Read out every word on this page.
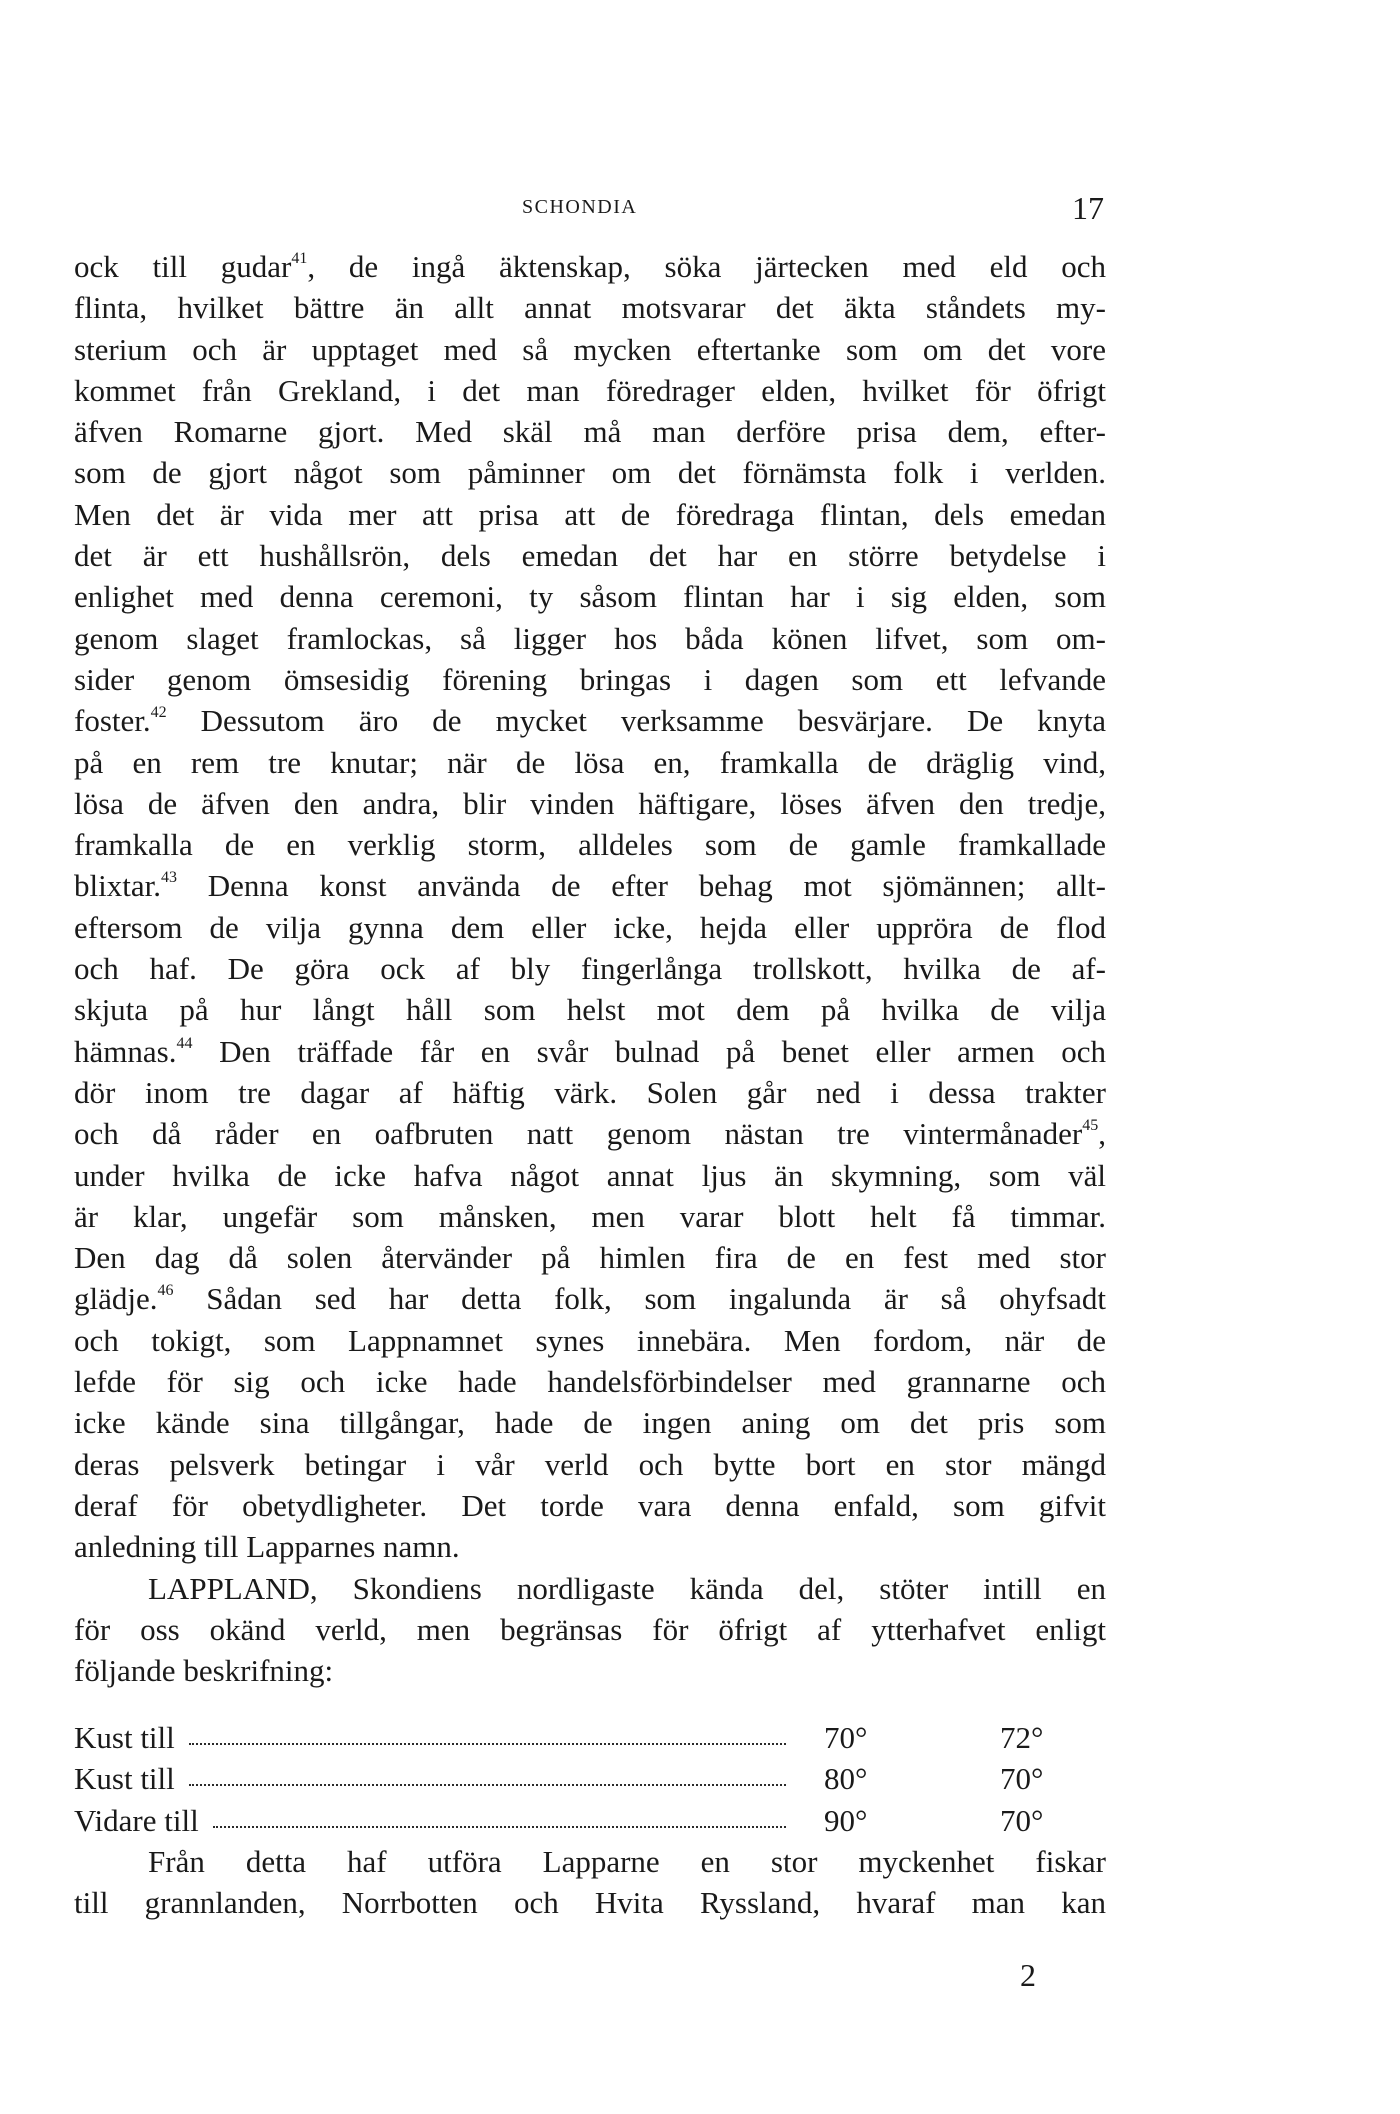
SCHONDIA	17
ock till gudar$^{41}$, de ingå äktenskap, söka järtecken med eld och
flinta, hvilket bättre än allt annat motsvarar det äkta ståndets my-
sterium och är upptaget med så mycken eftertanke som om det vore
kommet från Grekland, i det man föredrager elden, hvilket för öfrigt
äfven Romarne gjort. Med skäl må man derföre prisa dem, efter-
som de gjort något som påminner om det förnämsta folk i verlden.
Men det är vida mer att prisa att de föredraga flintan, dels emedan
det är ett hushållsrön, dels emedan det har en större betydelse i
enlighet med denna ceremoni, ty såsom flintan har i sig elden, som
genom slaget framlockas, så ligger hos båda könen lifvet, som om-
sider genom ömsesidig förening bringas i dagen som ett lefvande
foster.$^{42}$ Dessutom äro de mycket verksamme besvärjare. De knyta
på en rem tre knutar; när de lösa en, framkalla de dräglig vind,
lösa de äfven den andra, blir vinden häftigare, löses äfven den tredje,
framkalla de en verklig storm, alldeles som de gamle framkallade
blixtar.$^{43}$ Denna konst använda de efter behag mot sjömännen; allt-
eftersom de vilja gynna dem eller icke, hejda eller uppröra de flod
och haf. De göra ock af bly fingerlånga trollskott, hvilka de af-
skjuta på hur långt håll som helst mot dem på hvilka de vilja
hämnas.$^{44}$ Den träffade får en svår bulnad på benet eller armen och
dör inom tre dagar af häftig värk. Solen går ned i dessa trakter
och då råder en oafbruten natt genom nästan tre vintermånader$^{45}$,
under hvilka de icke hafva något annat ljus än skymning, som väl
är klar, ungefär som månsken, men varar blott helt få timmar.
Den dag då solen återvänder på himlen fira de en fest med stor
glädje.$^{46}$ Sådan sed har detta folk, som ingalunda är så ohyfsadt
och tokigt, som Lappnamnet synes innebära. Men fordom, när de
lefde för sig och icke hade handelsförbindelser med grannarne och
icke kände sina tillgångar, hade de ingen aning om det pris som
deras pelsverk betingar i vår verld och bytte bort en stor mängd
deraf för obetydligheter. Det torde vara denna enfald, som gifvit
anledning till Lapparnes namn.
LAPPLAND, Skondiens nordligaste kända del, stöter intill en
för oss okänd verld, men begränsas för öfrigt af ytterhafvet enligt
följande beskrifning:
Kust till	70°	72°
Kust till	80°	70°
Vidare till	90°	70°
Från detta haf utföra Lapparne en stor myckenhet fiskar
till grannlanden, Norrbotten och Hvita Ryssland, hvaraf man kan
2
